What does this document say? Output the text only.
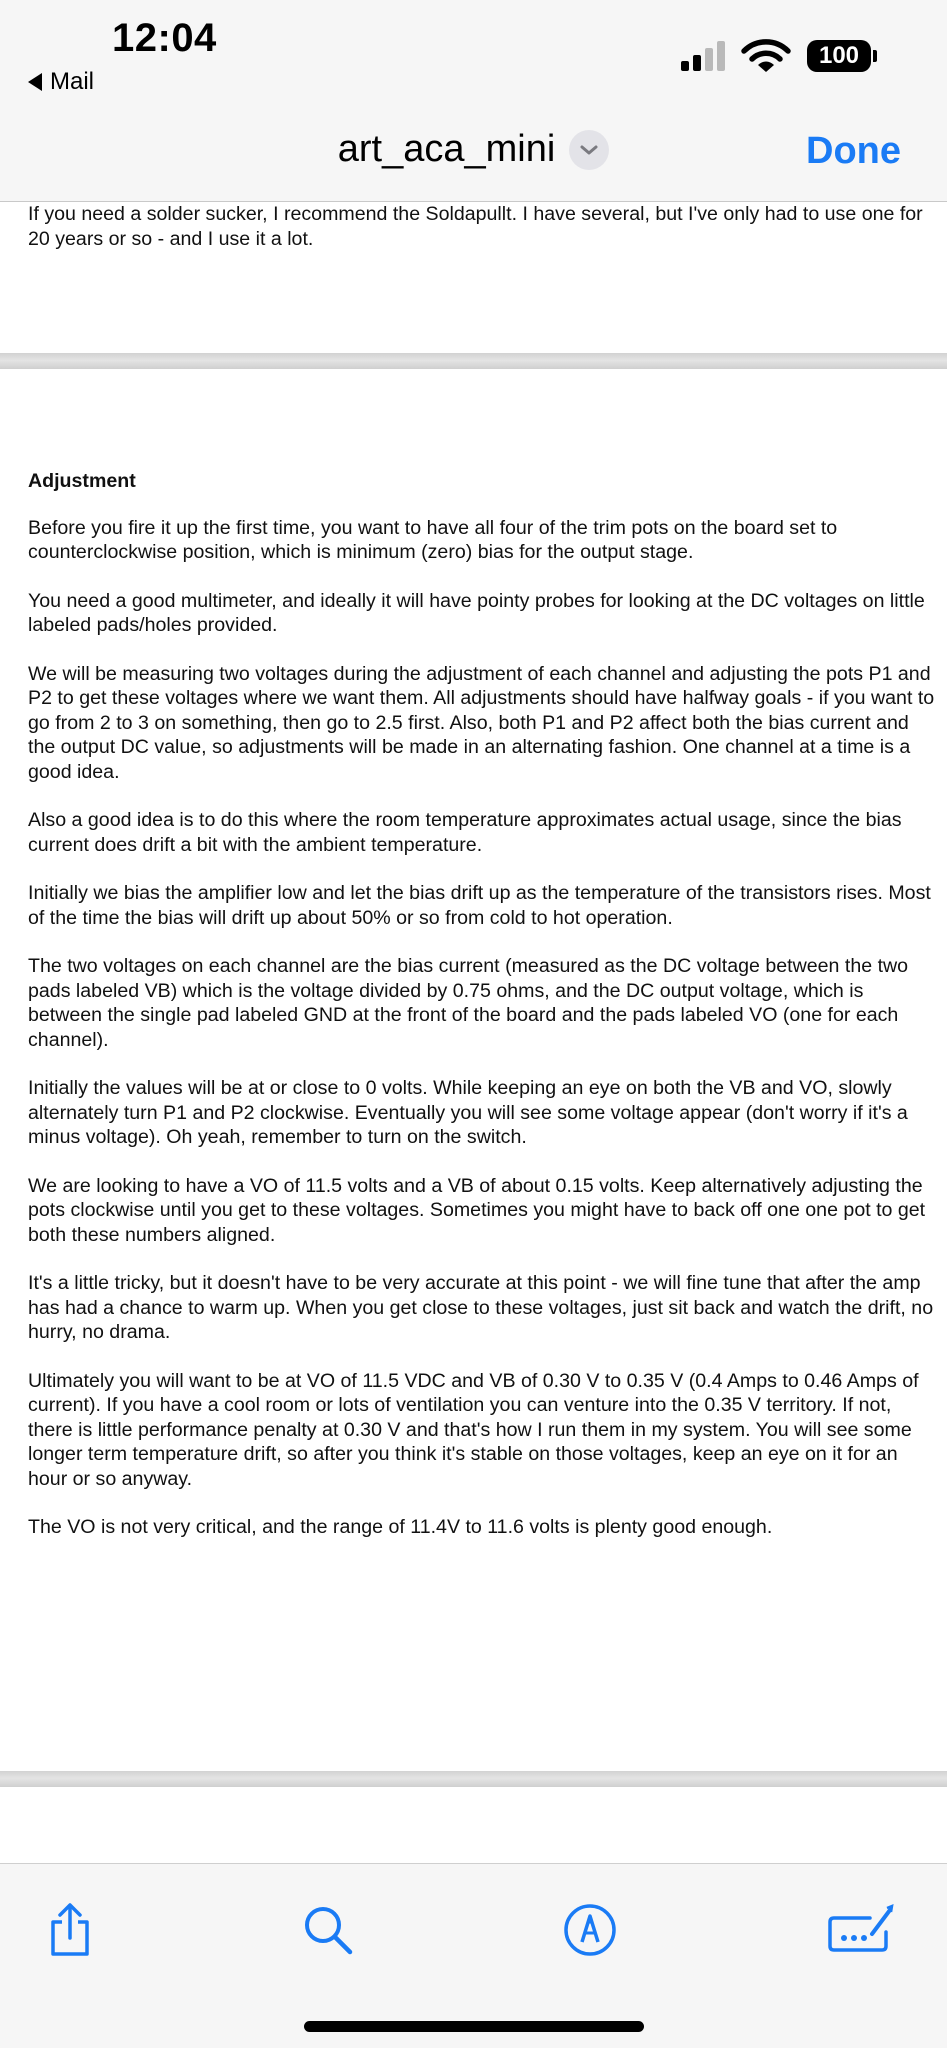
12:04
Mail
100
art_aca_mini	Done

If you need a solder sucker, I recommend the Soldapullt. I have several, but I've only had to use one for 20 years or so - and I use it a lot.

Adjustment

Before you fire it up the first time, you want to have all four of the trim pots on the board set to counterclockwise position, which is minimum (zero) bias for the output stage.

You need a good multimeter, and ideally it will have pointy probes for looking at the DC voltages on little labeled pads/holes provided.

We will be measuring two voltages during the adjustment of each channel and adjusting the pots P1 and P2 to get these voltages where we want them. All adjustments should have halfway goals - if you want to go from 2 to 3 on something, then go to 2.5 first. Also, both P1 and P2 affect both the bias current and the output DC value, so adjustments will be made in an alternating fashion. One channel at a time is a good idea.

Also a good idea is to do this where the room temperature approximates actual usage, since the bias current does drift a bit with the ambient temperature.

Initially we bias the amplifier low and let the bias drift up as the temperature of the transistors rises. Most of the time the bias will drift up about 50% or so from cold to hot operation.

The two voltages on each channel are the bias current (measured as the DC voltage between the two pads labeled VB) which is the voltage divided by 0.75 ohms, and the DC output voltage, which is between the single pad labeled GND at the front of the board and the pads labeled VO (one for each channel).

Initially the values will be at or close to 0 volts. While keeping an eye on both the VB and VO, slowly alternately turn P1 and P2 clockwise. Eventually you will see some voltage appear (don't worry if it's a minus voltage). Oh yeah, remember to turn on the switch.

We are looking to have a VO of 11.5 volts and a VB of about 0.15 volts. Keep alternatively adjusting the pots clockwise until you get to these voltages. Sometimes you might have to back off one one pot to get both these numbers aligned.

It's a little tricky, but it doesn't have to be very accurate at this point - we will fine tune that after the amp has had a chance to warm up. When you get close to these voltages, just sit back and watch the drift, no hurry, no drama.

Ultimately you will want to be at VO of 11.5 VDC and VB of 0.30 V to 0.35 V (0.4 Amps to 0.46 Amps of current). If you have a cool room or lots of ventilation you can venture into the 0.35 V territory. If not, there is little performance penalty at 0.30 V and that's how I run them in my system. You will see some longer term temperature drift, so after you think it's stable on those voltages, keep an eye on it for an hour or so anyway.

The VO is not very critical, and the range of 11.4V to 11.6 volts is plenty good enough.
